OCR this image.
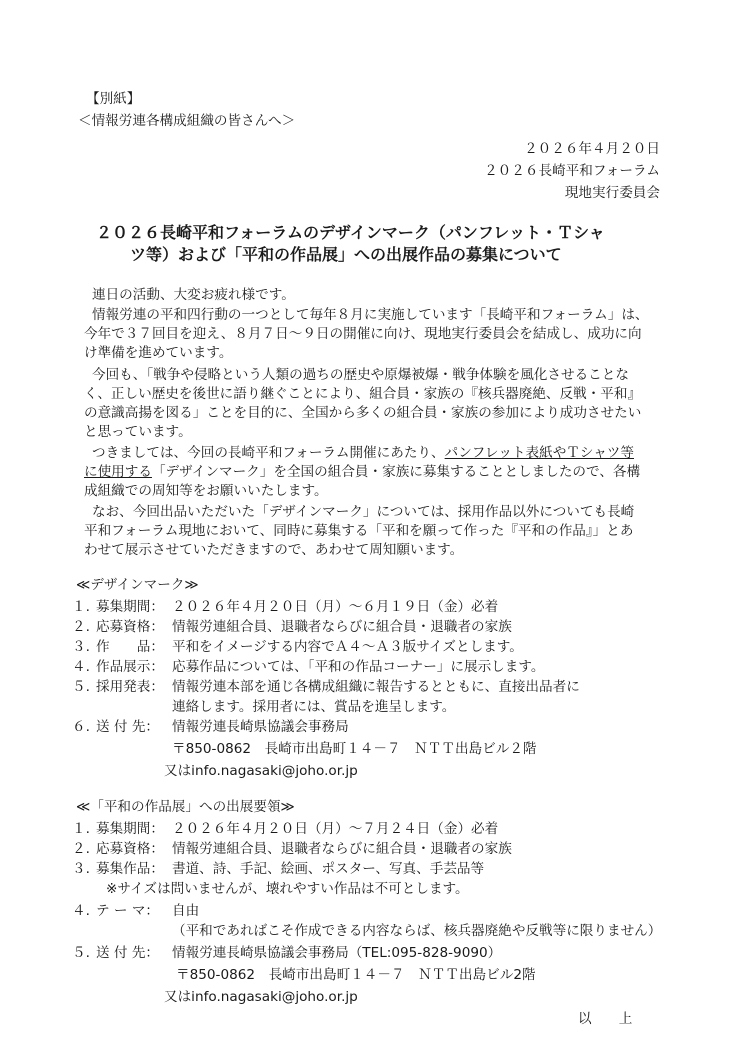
【別紙】
＜情報労連各構成組織の皆さんへ＞
２０２６年４月２０日
２０２６長崎平和フォーラム
現地実行委員会
２０２６長崎平和フォーラムのデザインマーク（パンフレット・Ｔシャ
ツ等）および「平和の作品展」への出展作品の募集について
連日の活動、大変お疲れ様です。
情報労連の平和四行動の一つとして毎年８月に実施しています「長崎平和フォーラム」は、
今年で３７回目を迎え、８月７日～９日の開催に向け、現地実行委員会を結成し、成功に向
け準備を進めています。
今回も、「戦争や侵略という人類の過ちの歴史や原爆被爆・戦争体験を風化させることな
く、正しい歴史を後世に語り継ぐことにより、組合員・家族の『核兵器廃絶、反戦・平和』
の意識高揚を図る」ことを目的に、全国から多くの組合員・家族の参加により成功させたい
と思っています。
つきましては、今回の長崎平和フォーラム開催にあたり、パンフレット表紙やＴシャツ等
に使用する「デザインマーク」を全国の組合員・家族に募集することとしましたので、各構
成組織での周知等をお願いいたします。
なお、今回出品いただいた「デザインマーク」については、採用作品以外についても長崎
平和フォーラム現地において、同時に募集する「平和を願って作った『平和の作品』」とあ
わせて展示させていただきますので、あわせて周知願います。
≪デザインマーク≫
１. 募集期間： ２０２６年４月２０日（月）～６月１９日（金）必着
２. 応募資格： 情報労連組合員、退職者ならびに組合員・退職者の家族
３. 作　　品： 平和をイメージする内容でＡ４～Ａ３版サイズとします。
４. 作品展示： 応募作品については、「平和の作品コーナー」に展示します。
５. 採用発表： 情報労連本部を通じ各構成組織に報告するとともに、直接出品者に
連絡します。採用者には、賞品を進呈します。
６. 送 付 先： 情報労連長崎県協議会事務局
〒850-0862　長崎市出島町１４－７　ＮＴＴ出島ビル２階
又はinfo.nagasaki@joho.or.jp
≪「平和の作品展」への出展要領≫
１. 募集期間： ２０２６年４月２０日（月）～７月２４日（金）必着
２. 応募資格： 情報労連組合員、退職者ならびに組合員・退職者の家族
３. 募集作品： 書道、詩、手記、絵画、ポスター、写真、手芸品等
※サイズは問いませんが、壊れやすい作品は不可とします。
４. テ ー マ： 自由
（平和であればこそ作成できる内容ならば、核兵器廃絶や反戦等に限りません）
５. 送 付 先： 情報労連長崎県協議会事務局（TEL:095-828-9090）
〒850-0862　長崎市出島町１４－７　ＮＴＴ出島ビル2階
又はinfo.nagasaki@joho.or.jp
以　　上
